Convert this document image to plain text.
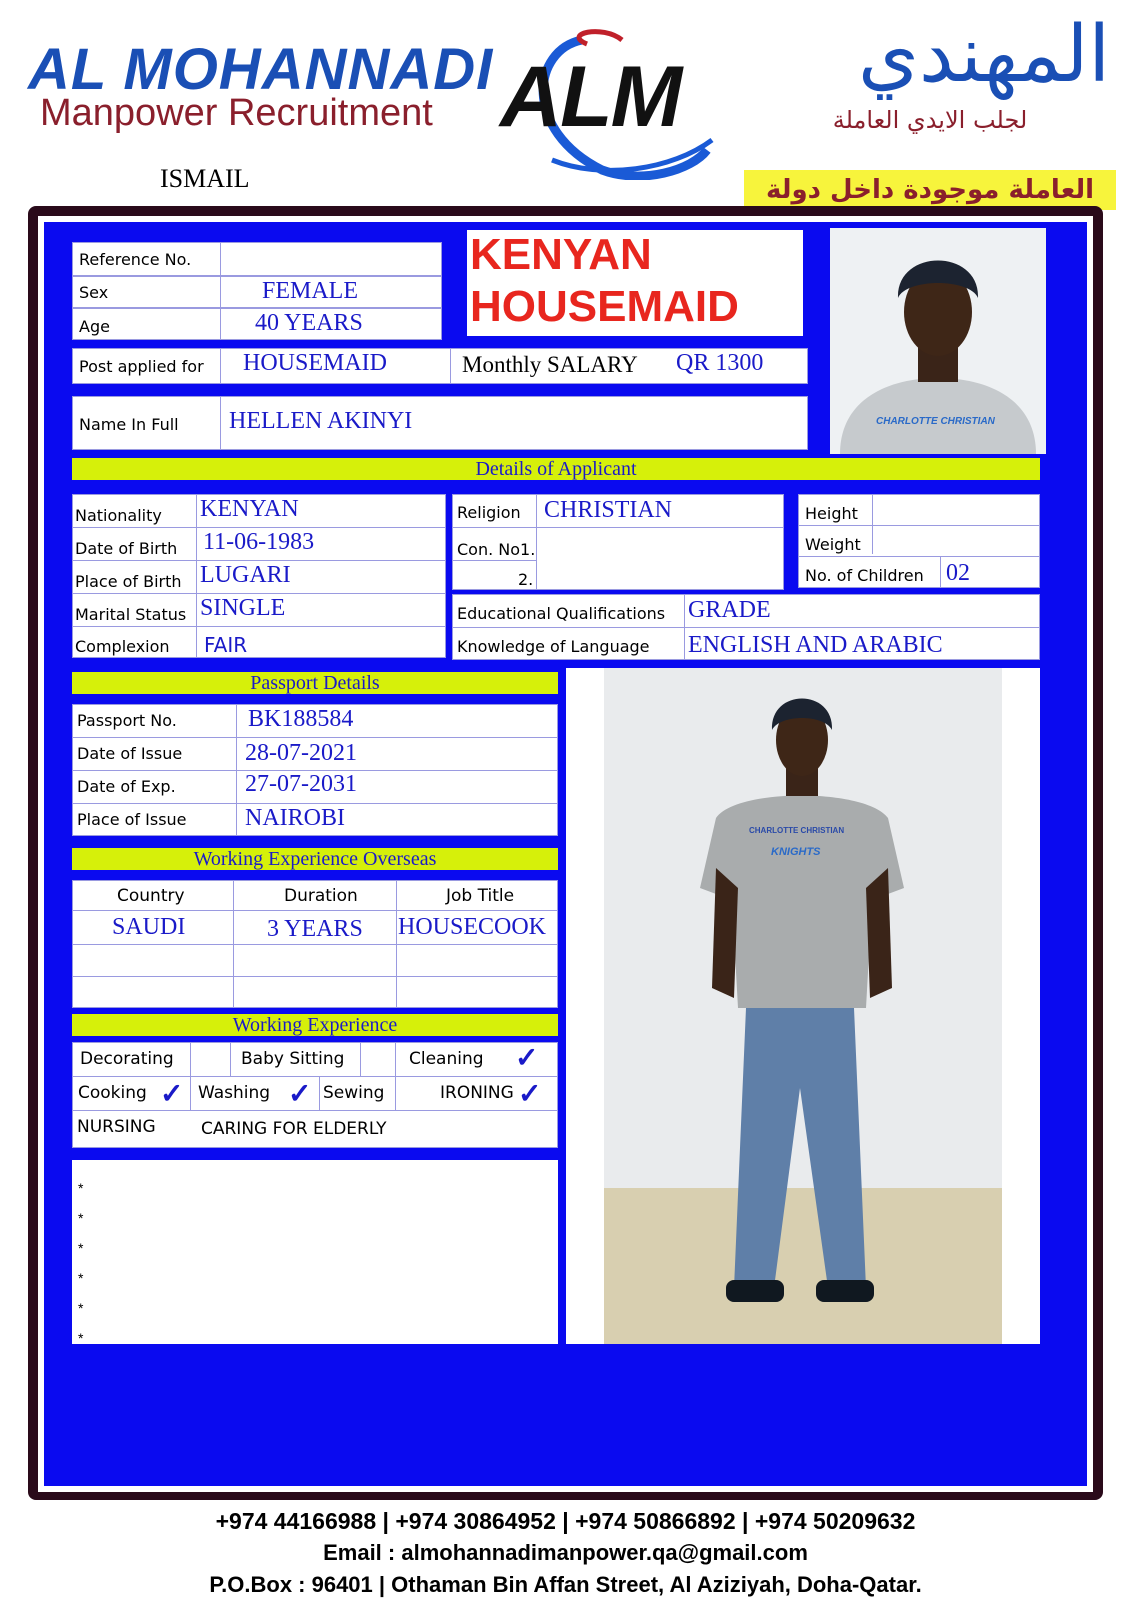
AL MOHANNADI
Manpower Recruitment ALM	المهندي
لجلب الايدي العاملة
ISMAIL	العاملة موجودة داخل دولة
Reference No.
Sex	FEMALE
Age	40 YEARS
KENYAN
HOUSEMAID
CHARLOTTE CHRISTIAN
Post applied for HOUSEMAID	Monthly SALARY QR 1300
Name In Full HELLEN AKINYI
Details of Applicant
Nationality KENYAN
Date of Birth 11-06-1983
Place of Birth LUGARI
Marital Status SINGLE
Complexion FAIR
Religion CHRISTIAN
Con. No1.
2.
Height
Weight
No. of Children 02
Educational Qualifications GRADE
Knowledge of Language ENGLISH AND ARABIC
Passport Details
Passport No.	BK188584
Date of Issue	28-07-2021
Date of Exp.	27-07-2031
Place of Issue NAIROBI
Working Experience Overseas
Country	Duration	Job Title
SAUDI	3 YEARS HOUSECOOK
Working Experience
Decorating	Baby Sitting	Cleaning ✓
Cooking ✓ Washing ✓ Sewing	IRONING ✓
NURSING	CARING FOR ELDERLY
*
*
*
*
*
*
CHARLOTTE CHRISTIAN
KNIGHTS
+974 44166988 | +974 30864952 | +974 50866892 | +974 50209632
Email : almohannadimanpower.qa@gmail.com
P.O.Box : 96401 | Othaman Bin Affan Street, Al Aziziyah, Doha-Qatar.
